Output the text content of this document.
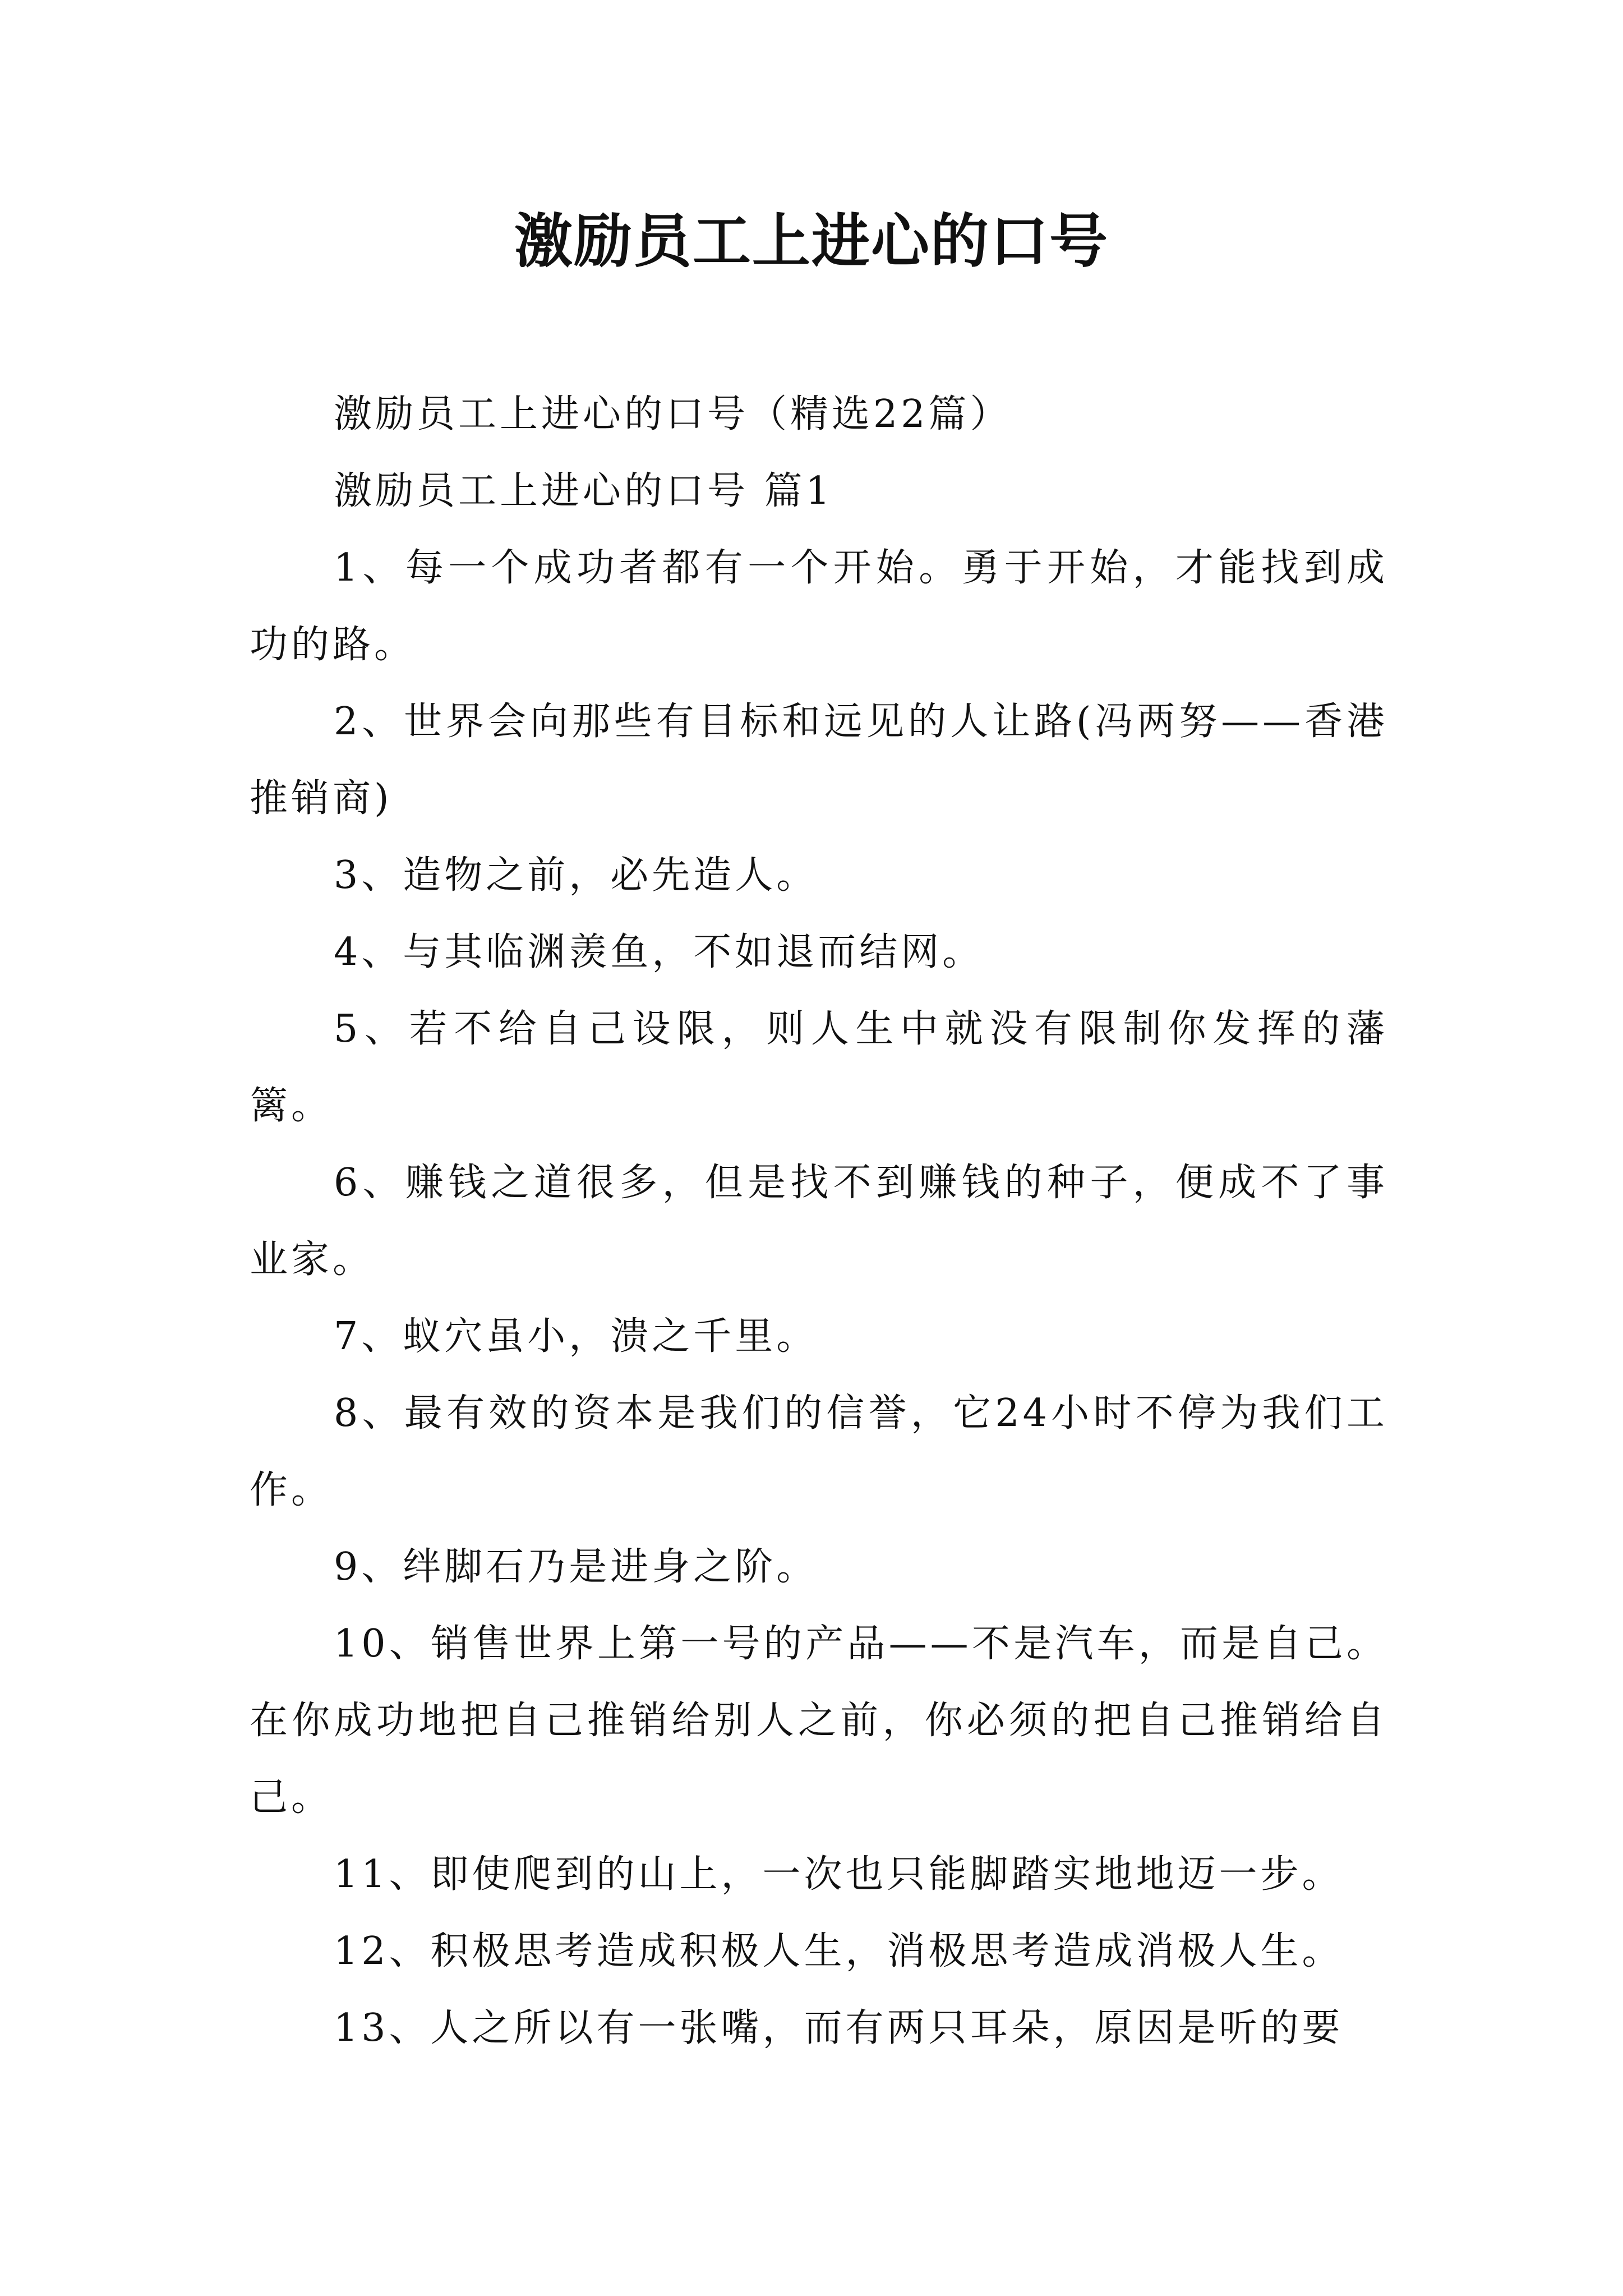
激励员工上进心的口号

激励员工上进心的口号（精选22篇）

激励员工上进心的口号 篇1

1、每一个成功者都有一个开始。勇于开始，才能找到成功的路。

2、世界会向那些有目标和远见的人让路(冯两努——香港推销商)

3、造物之前，必先造人。

4、与其临渊羡鱼，不如退而结网。

5、若不给自己设限，则人生中就没有限制你发挥的藩篱。

6、赚钱之道很多，但是找不到赚钱的种子，便成不了事业家。

7、蚁穴虽小，溃之千里。

8、最有效的资本是我们的信誉，它24小时不停为我们工作。

9、绊脚石乃是进身之阶。

10、销售世界上第一号的产品——不是汽车，而是自己。在你成功地把自己推销给别人之前，你必须的把自己推销给自己。

11、即使爬到的山上，一次也只能脚踏实地地迈一步。

12、积极思考造成积极人生，消极思考造成消极人生。

13、人之所以有一张嘴，而有两只耳朵，原因是听的要
